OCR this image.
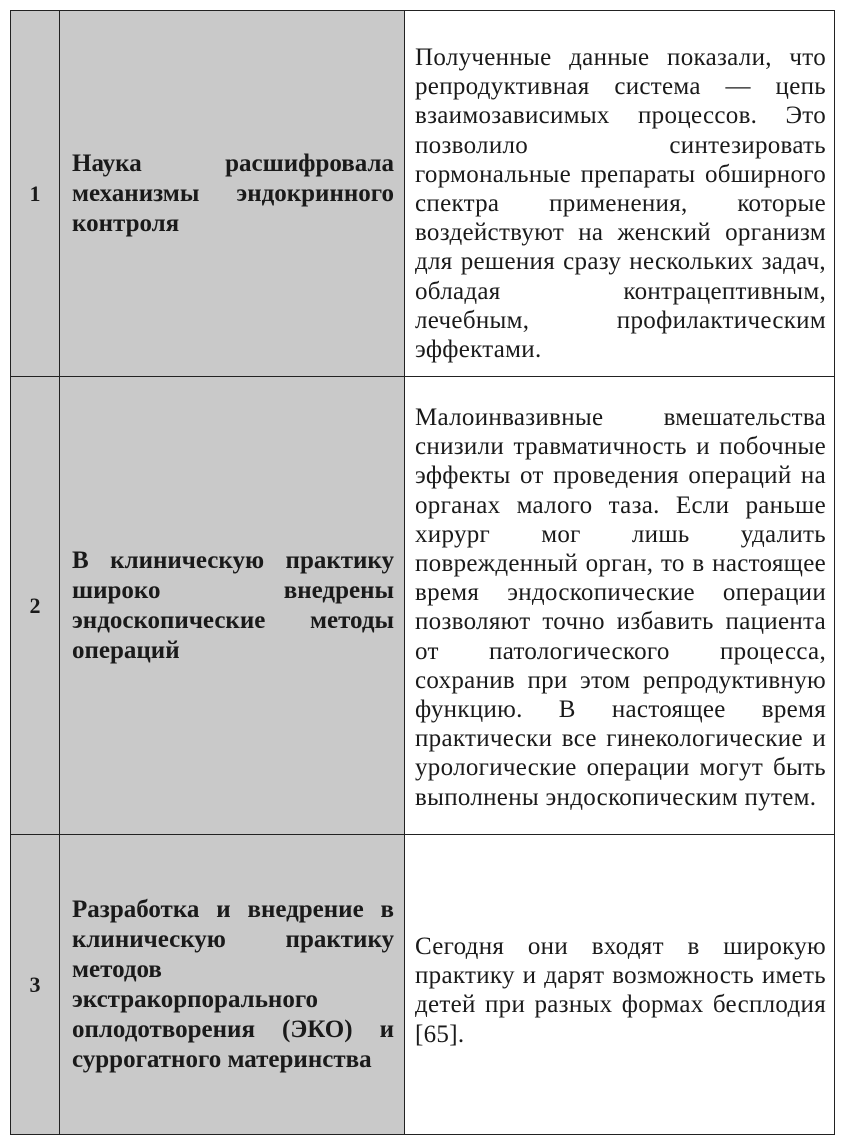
1	Наука расшифровала механизмы эндокринного контроля	Полученные данные показали, что репродуктивная система — цепь взаимозависимых процессов. Это позволило синтезировать гормональные препараты обширного спектра применения, которые воздействуют на женский организм для решения сразу нескольких задач, обладая контрацептивным, лечебным, профилактическим эффектами.
2	В клиническую практику широко внедрены эндоскопические методы операций	Малоинвазивные вмешательства снизили травматичность и побочные эффекты от проведения операций на органах малого таза. Если раньше хирург мог лишь удалить поврежденный орган, то в настоящее время эндоскопические операции позволяют точно избавить пациента от патологического процесса, сохранив при этом репродуктивную функцию. В настоящее время практически все гинекологические и урологические операции могут быть выполнены эндоскопическим путем.
3	Разработка и внедрение в клиническую практику методов экстракорпорального оплодотворения (ЭКО) и суррогатного материнства	Сегодня они входят в широкую практику и дарят возможность иметь детей при разных формах бесплодия [65].
